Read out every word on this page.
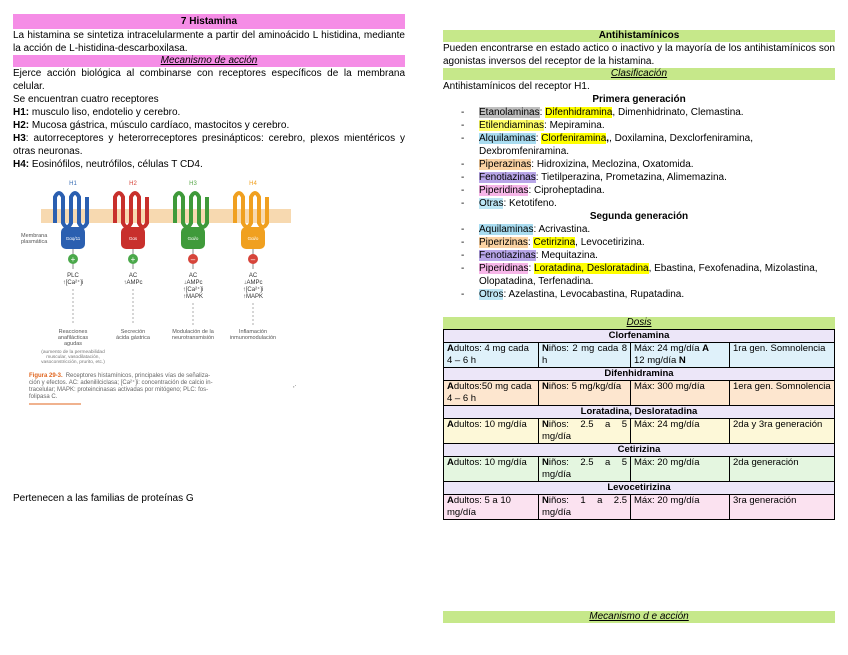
7 Histamina

La histamina se sintetiza intracelularmente a partir del aminoácido L histidina, mediante la acción de L-histidina-descarboxilasa.

Mecanismo de acción

Ejerce acción biológica al combinarse con receptores específicos de la membrana celular.

Se encuentran cuatro receptores

H1: musculo liso, endotelio y cerebro.

H2: Mucosa gástrica, músculo cardíaco, mastocitos y cerebro.

H3: autorreceptores y heterorreceptores presinápticos: cerebro, plexos mientéricos y otras neuronas.

H4: Eosinófilos, neutrófilos, células T CD4.

H1	H2	H3	H4
Membrana
plasmática
Gαq/11	Gαs	Gαi/o	Gαi/o
+	+	–	–
PLC
↑[Ca²⁺]i
AC
↑AMPc
AC
↓AMPc
↑[Ca²⁺]i
↑MAPK
AC
↓AMPc
↑[Ca²⁺]i
↑MAPK
Reacciones
anafilácticas
agudas
Secreción
ácida gástrica
Modulación de la
neurotransmisión
Inflamación
inmunomodulación
(aumento de la permeabilidad
muscular, vasodilatación,
vasoconstricción, prurito, etc.)
Figura 29-3. Receptores histamínicos, principales vías de señaliza-
ción y efectos. AC: adenililciclasa; [Ca²⁺]i: concentración de calcio in-
tracelular; MAPK: proteincinasas activadas por mitógeno; PLC: fos-
folipasa C.
,·

Pertenecen a las familias de proteínas G

Antihistamínicos

Pueden encontrarse en estado actico o inactivo y la mayoría de los antihistamínicos son agonistas inversos del receptor de la histamina.

Clasificación

Antihistamínicos del receptor H1.

Primera generación
- Etanolaminas: Difenhidramina, Dimenhidrinato, Clemastina.
- Etilendiaminas: Mepiramina.
- Alquilaminas: Clorfeniramina,, Doxilamina, Dexclorfeniramina, Dexbromfeniramina.
- Piperazinas: Hidroxizina, Meclozina, Oxatomida.
- Fenotiazinas: Tietilperazina, Prometazina, Alimemazina.
- Piperidinas: Ciproheptadina.
- Otras: Ketotifeno.
Segunda generación
- Aquilaminas: Acrivastina.
- Piperizinas: Cetirizina, Levocetirizina.
- Fenotiazinas: Mequitazina.
- Piperidinas: Loratadina, Desloratadina, Ebastina, Fexofenadina, Mizolastina, Olopatadina, Terfenadina.
- Otros: Azelastina, Levocabastina, Rupatadina.
Dosis
Clorfenamina			
Adultos: 4 mg cada 4 – 6 h	Niños: 2 mg cada 8 h	Máx: 24 mg/día A
12 mg/día N	1ra gen. Somnolencia
Difenhidramina			
Adultos:50 mg cada 4 – 6 h	Niños: 5 mg/kg/día	Máx: 300 mg/día	1era gen. Somnolencia
Loratadina, Desloratadina			
Adultos: 10 mg/día	Niños: 2.5 a 5 mg/día	Máx: 24 mg/día	2da y 3ra generación
Cetirizina			
Adultos: 10 mg/día	Niños: 2.5 a 5 mg/día	Máx: 20 mg/día	2da generación
Levocetirizina			
Adultos: 5 a 10 mg/día	Niños: 1 a 2.5 mg/día	Máx: 20 mg/día	3ra generación
Mecanismo d e acción
